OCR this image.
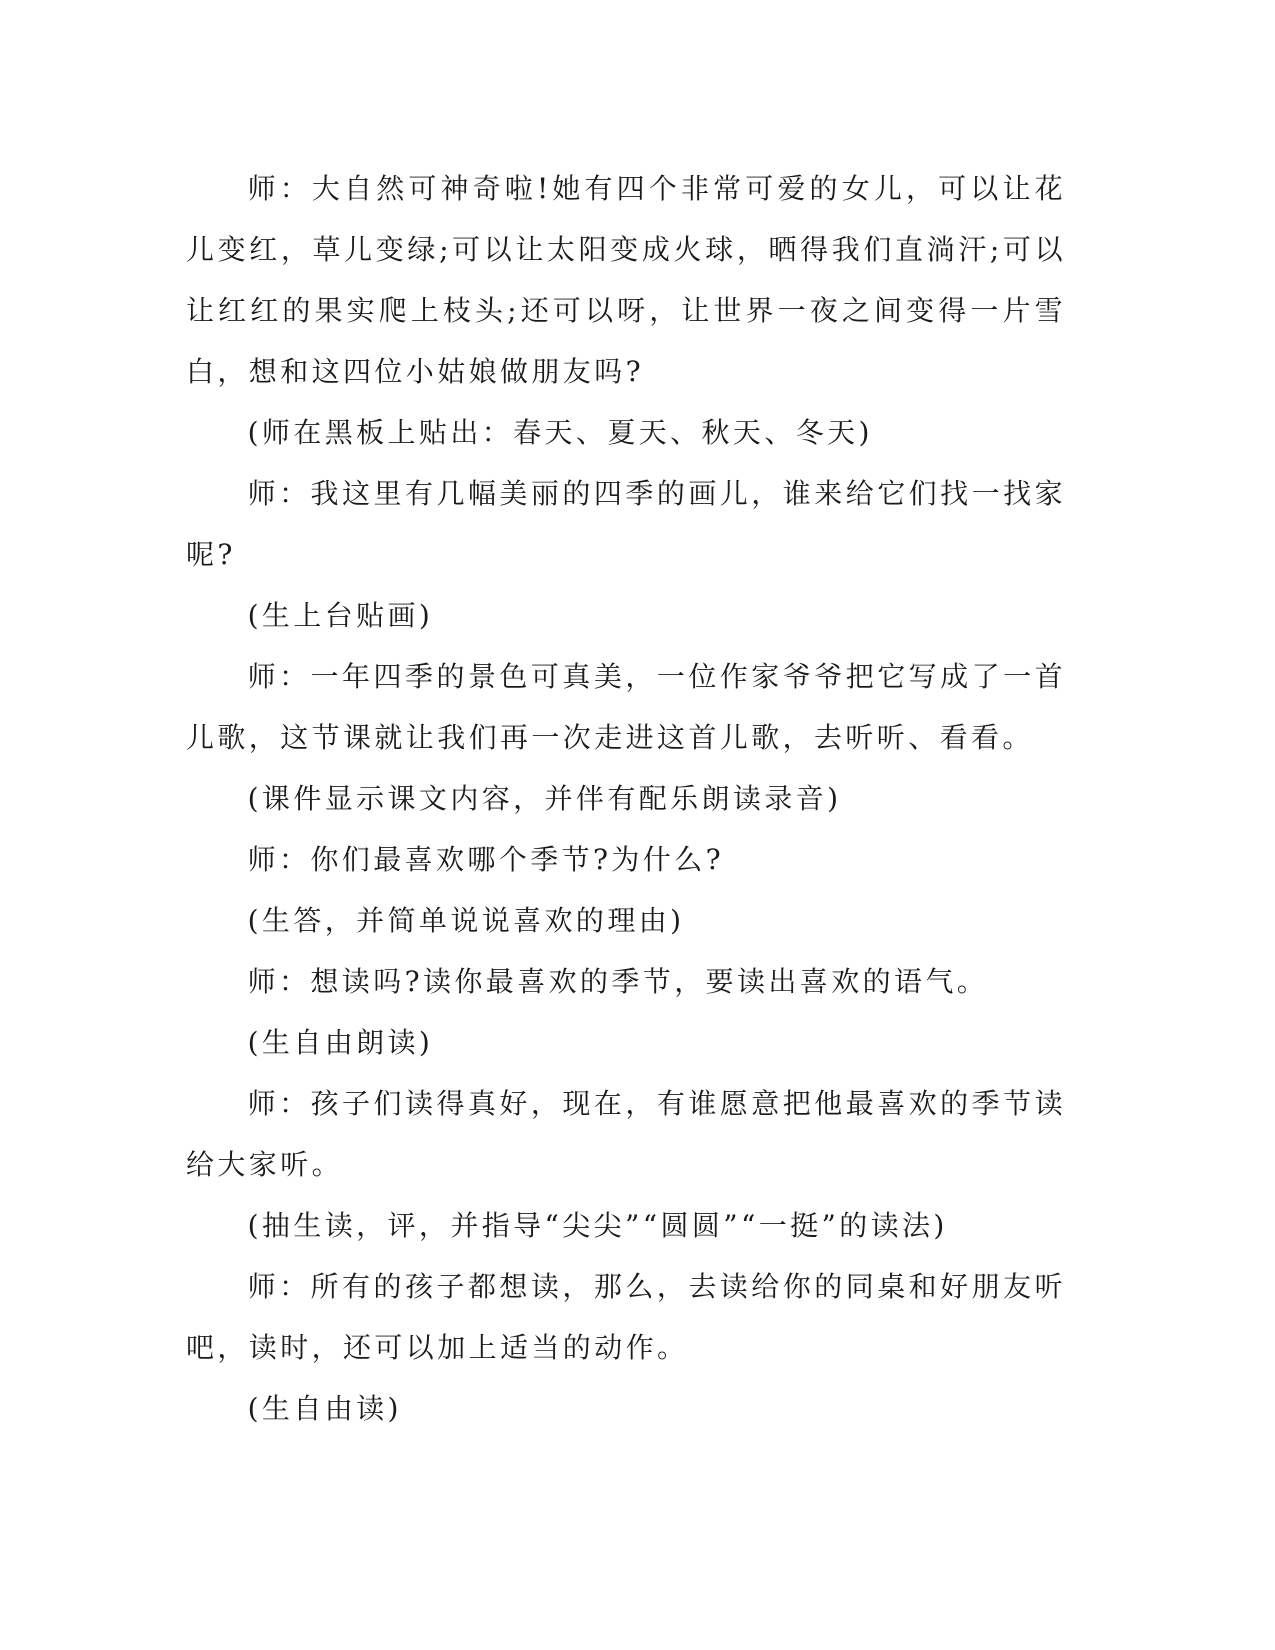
师：大自然可神奇啦!她有四个非常可爱的女儿，可以让花儿变红，草儿变绿;可以让太阳变成火球，晒得我们直淌汗;可以让红红的果实爬上枝头;还可以呀，让世界一夜之间变得一片雪白，想和这四位小姑娘做朋友吗?

(师在黑板上贴出：春天、夏天、秋天、冬天)

师：我这里有几幅美丽的四季的画儿，谁来给它们找一找家呢?

(生上台贴画)

师：一年四季的景色可真美，一位作家爷爷把它写成了一首儿歌，这节课就让我们再一次走进这首儿歌，去听听、看看。

(课件显示课文内容，并伴有配乐朗读录音)

师：你们最喜欢哪个季节?为什么?

(生答，并简单说说喜欢的理由)

师：想读吗?读你最喜欢的季节，要读出喜欢的语气。

(生自由朗读)

师：孩子们读得真好，现在，有谁愿意把他最喜欢的季节读给大家听。

(抽生读，评，并指导“尖尖”“圆圆”“一挺”的读法)

师：所有的孩子都想读，那么，去读给你的同桌和好朋友听吧，读时，还可以加上适当的动作。

(生自由读)
